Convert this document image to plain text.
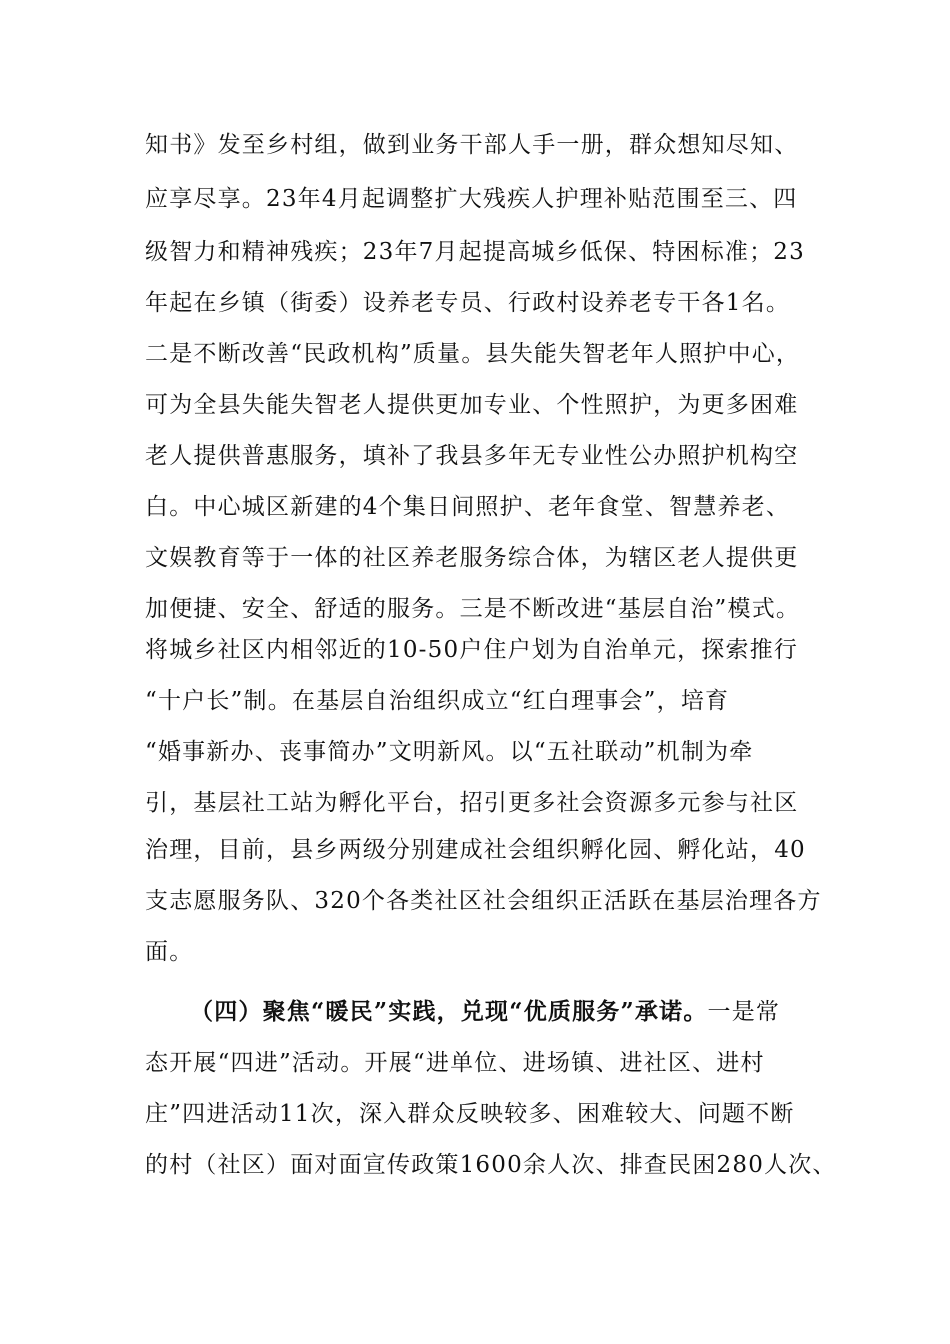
知书》发至乡村组，做到业务干部人手一册，群众想知尽知、
应享尽享。23年4月起调整扩大残疾人护理补贴范围至三、四
级智力和精神残疾；23年7月起提高城乡低保、特困标准；23
年起在乡镇（街委）设养老专员、行政村设养老专干各1名。
二是不断改善“民政机构”质量。县失能失智老年人照护中心，
可为全县失能失智老人提供更加专业、个性照护，为更多困难
老人提供普惠服务，填补了我县多年无专业性公办照护机构空
白。中心城区新建的4个集日间照护、老年食堂、智慧养老、
文娱教育等于一体的社区养老服务综合体，为辖区老人提供更
加便捷、安全、舒适的服务。三是不断改进“基层自治”模式。
将城乡社区内相邻近的10-50户住户划为自治单元，探索推行
“十户长”制。在基层自治组织成立“红白理事会”，培育
“婚事新办、丧事简办”文明新风。以“五社联动”机制为牵
引，基层社工站为孵化平台，招引更多社会资源多元参与社区
治理，目前，县乡两级分别建成社会组织孵化园、孵化站，40
支志愿服务队、320个各类社区社会组织正活跃在基层治理各方
面。
（四）聚焦“暖民”实践，兑现“优质服务”承诺。一是常
态开展“四进”活动。开展“进单位、进场镇、进社区、进村
庄”四进活动11次，深入群众反映较多、困难较大、问题不断
的村（社区）面对面宣传政策1600余人次、排查民困280人次、
